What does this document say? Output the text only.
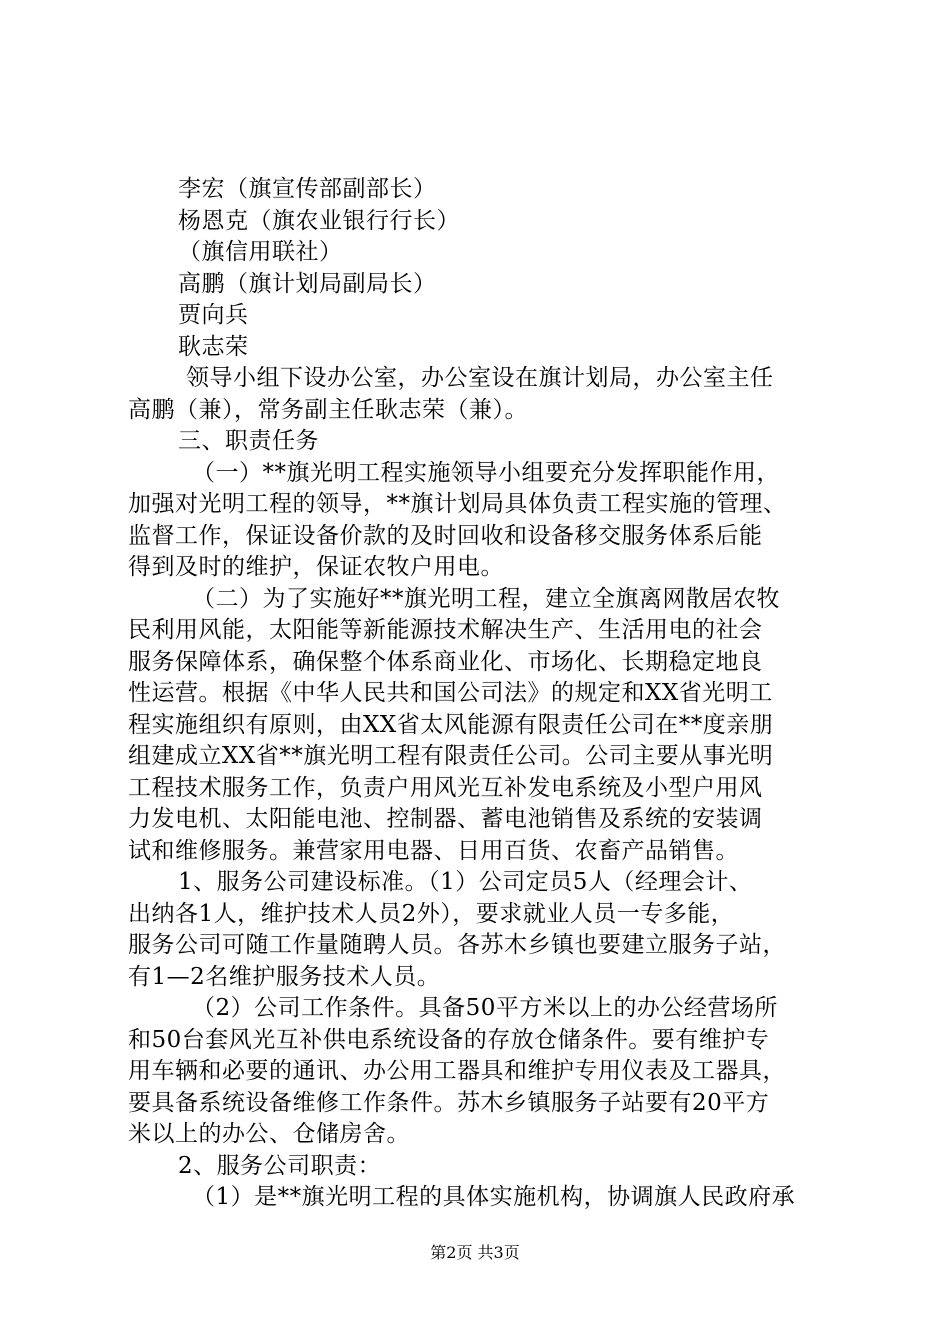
李宏（旗宣传部副部长）
杨恩克（旗农业银行行长）
（旗信用联社）
高鹏（旗计划局副局长）
贾向兵
耿志荣
领导小组下设办公室，办公室设在旗计划局，办公室主任
高鹏（兼），常务副主任耿志荣（兼）。
三、职责任务
（一）**旗光明工程实施领导小组要充分发挥职能作用，
加强对光明工程的领导，**旗计划局具体负责工程实施的管理、
监督工作，保证设备价款的及时回收和设备移交服务体系后能
得到及时的维护，保证农牧户用电。
（二）为了实施好**旗光明工程，建立全旗离网散居农牧
民利用风能，太阳能等新能源技术解决生产、生活用电的社会
服务保障体系，确保整个体系商业化、市场化、长期稳定地良
性运营。根据《中华人民共和国公司法》的规定和XX省光明工
程实施组织有原则，由XX省太风能源有限责任公司在**度亲朋
组建成立XX省**旗光明工程有限责任公司。公司主要从事光明
工程技术服务工作，负责户用风光互补发电系统及小型户用风
力发电机、太阳能电池、控制器、蓄电池销售及系统的安装调
试和维修服务。兼营家用电器、日用百货、农畜产品销售。
1、服务公司建设标准。（1）公司定员5人（经理会计、
出纳各1人，维护技术人员2外），要求就业人员一专多能，
服务公司可随工作量随聘人员。各苏木乡镇也要建立服务子站，
有1—2名维护服务技术人员。
（2）公司工作条件。具备50平方米以上的办公经营场所
和50台套风光互补供电系统设备的存放仓储条件。要有维护专
用车辆和必要的通讯、办公用工器具和维护专用仪表及工器具，
要具备系统设备维修工作条件。苏木乡镇服务子站要有20平方
米以上的办公、仓储房舍。
2、服务公司职责：
（1）是**旗光明工程的具体实施机构，协调旗人民政府承
第2页 共3页
